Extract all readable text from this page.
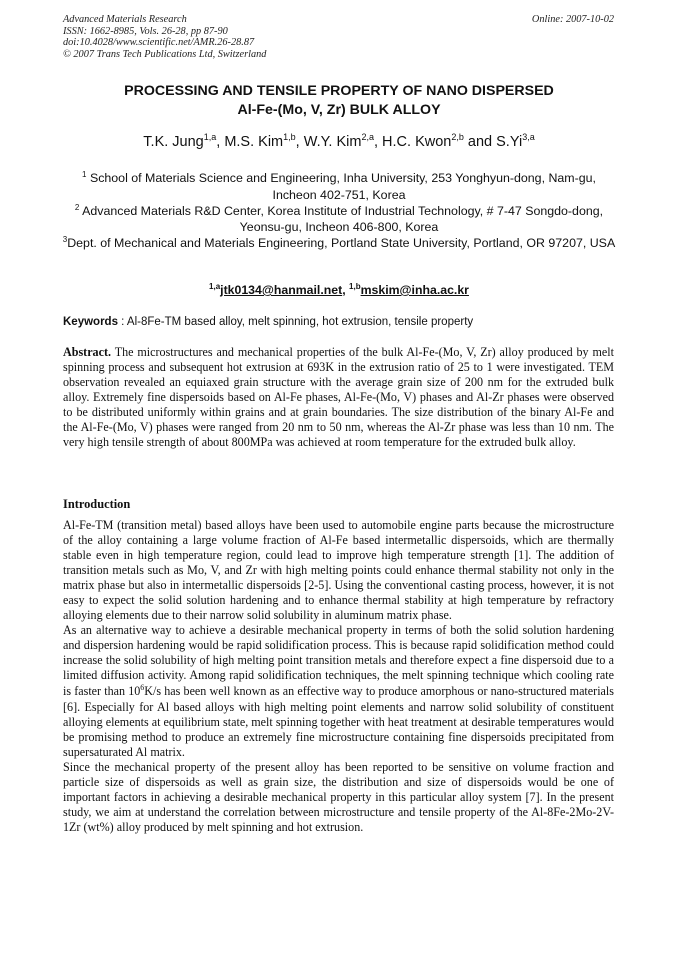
Advanced Materials Research
ISSN: 1662-8985, Vols. 26-28, pp 87-90
doi:10.4028/www.scientific.net/AMR.26-28.87
© 2007 Trans Tech Publications Ltd, Switzerland
Online: 2007-10-02
PROCESSING AND TENSILE PROPERTY OF NANO DISPERSED
Al-Fe-(Mo, V, Zr) BULK ALLOY
T.K. Jung$^{1,a}$, M.S. Kim$^{1,b}$, W.Y. Kim$^{2,a}$, H.C. Kwon$^{2,b}$ and S.Yi$^{3,a}$
$^1$ School of Materials Science and Engineering, Inha University, 253 Yonghyun-dong, Nam-gu, Incheon 402-751, Korea
$^2$ Advanced Materials R&D Center, Korea Institute of Industrial Technology, # 7-47 Songdo-dong, Yeonsu-gu, Incheon 406-800, Korea
$^3$Dept. of Mechanical and Materials Engineering, Portland State University, Portland, OR 97207, USA
$^{1,a}$jtk0134@hanmail.net, $^{1,b}$mskim@inha.ac.kr
Keywords : Al-8Fe-TM based alloy, melt spinning, hot extrusion, tensile property
Abstract. The microstructures and mechanical properties of the bulk Al-Fe-(Mo, V, Zr) alloy produced by melt spinning process and subsequent hot extrusion at 693K in the extrusion ratio of 25 to 1 were investigated. TEM observation revealed an equiaxed grain structure with the average grain size of 200 nm for the extruded bulk alloy. Extremely fine dispersoids based on Al-Fe phases, Al-Fe-(Mo, V) phases and Al-Zr phases were observed to be distributed uniformly within grains and at grain boundaries. The size distribution of the binary Al-Fe and the Al-Fe-(Mo, V) phases were ranged from 20 nm to 50 nm, whereas the Al-Zr phase was less than 10 nm. The very high tensile strength of about 800MPa was achieved at room temperature for the extruded bulk alloy.
Introduction

Al-Fe-TM (transition metal) based alloys have been used to automobile engine parts because the microstructure of the alloy containing a large volume fraction of Al-Fe based intermetallic dispersoids, which are thermally stable even in high temperature region, could lead to improve high temperature strength [1]. The addition of transition metals such as Mo, V, and Zr with high melting points could enhance thermal stability not only in the matrix phase but also in intermetallic dispersoids [2-5]. Using the conventional casting process, however, it is not easy to expect the solid solution hardening and to enhance thermal stability at high temperature by refractory alloying elements due to their narrow solid solubility in aluminum matrix phase.

As an alternative way to achieve a desirable mechanical property in terms of both the solid solution hardening and dispersion hardening would be rapid solidification process. This is because rapid solidification method could increase the solid solubility of high melting point transition metals and therefore expect a fine dispersoid due to a limited diffusion activity. Among rapid solidification techniques, the melt spinning technique which cooling rate is faster than $10^6K/s$ has been well known as an effective way to produce amorphous or nano-structured materials [6]. Especially for Al based alloys with high melting point elements and narrow solid solubility of constituent alloying elements at equilibrium state, melt spinning together with heat treatment at desirable temperatures would be promising method to produce an extremely fine microstructure containing fine dispersoids precipitated from supersaturated Al matrix.

Since the mechanical property of the present alloy has been reported to be sensitive on volume fraction and particle size of dispersoids as well as grain size, the distribution and size of dispersoids would be one of important factors in achieving a desirable mechanical property in this particular alloy system [7]. In the present study, we aim at understand the correlation between microstructure and tensile property of the Al-8Fe-2Mo-2V-1Zr (wt%) alloy produced by melt spinning and hot extrusion.
